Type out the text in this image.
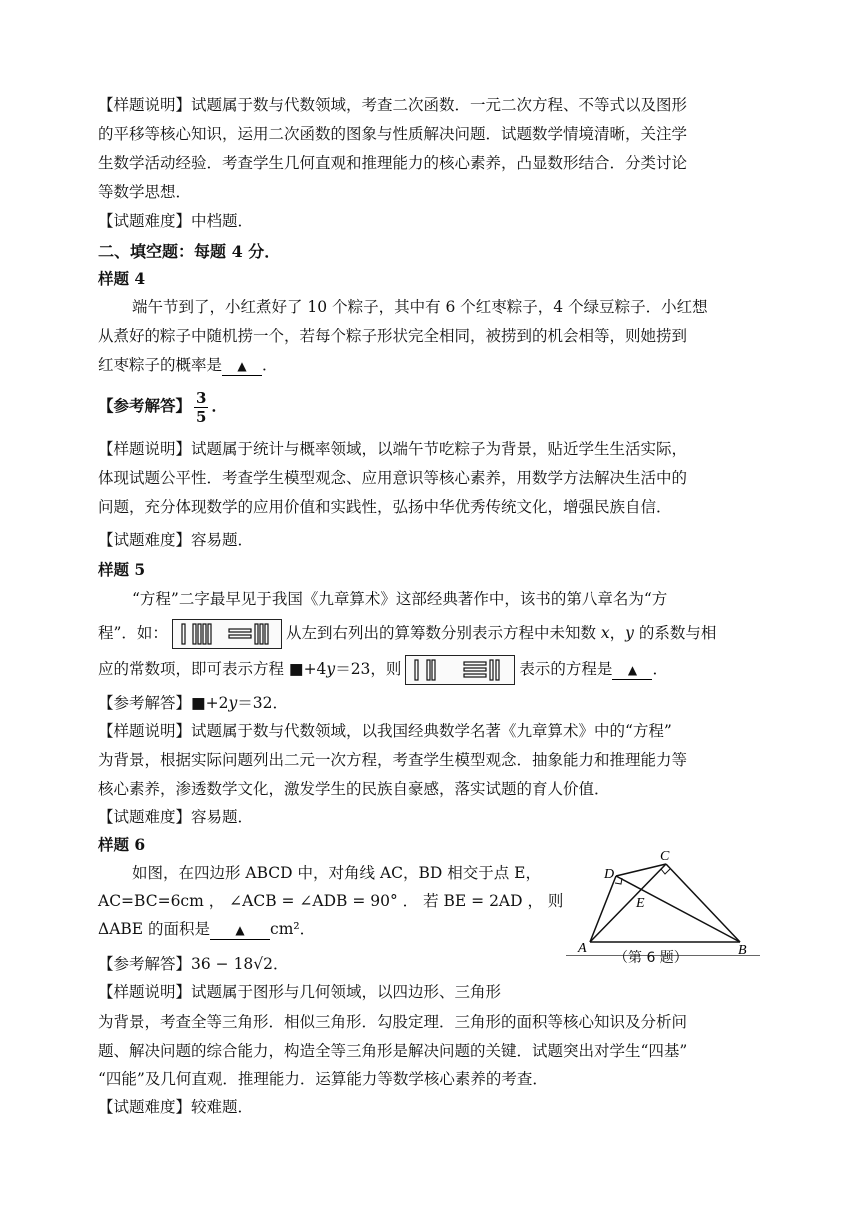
【样题说明】试题属于数与代数领域，考查二次函数．一元二次方程、不等式以及图形
的平移等核心知识，运用二次函数的图象与性质解决问题．试题数学情境清晰，关注学
生数学活动经验．考查学生几何直观和推理能力的核心素养，凸显数形结合．分类讨论
等数学思想．
【试题难度】中档题．
二、填空题：每题 4 分．
样题 4
端午节到了，小红煮好了 10 个粽子，其中有 6 个红枣粽子，4 个绿豆粽子．小红想
从煮好的粽子中随机捞一个，若每个粽子形状完全相同，被捞到的机会相等，则她捞到
红枣粽子的概率是 ▲ ．
【参考解答】 $\frac{3}{5}$ ．
【样题说明】试题属于统计与概率领域，以端午节吃粽子为背景，贴近学生生活实际，
体现试题公平性．考查学生模型观念、应用意识等核心素养，用数学方法解决生活中的
问题，充分体现数学的应用价值和实践性，弘扬中华优秀传统文化，增强民族自信．
【试题难度】容易题．
样题 5
“方程”二字最早见于我国《九章算术》这部经典著作中，该书的第八章名为“方
程”．如：	从左到右列出的算筹数分别表示方程中未知数 x，y 的系数与相
应的常数项，即可表示方程 ■+4y＝23，则	表示的方程是 ▲ ．
【参考解答】■+2y＝32．
【样题说明】试题属于数与代数领域，以我国经典数学名著《九章算术》中的“方程”
为背景，根据实际问题列出二元一次方程，考查学生模型观念．抽象能力和推理能力等
核心素养，渗透数学文化，激发学生的民族自豪感，落实试题的育人价值．
【试题难度】容易题．
样题 6
如图，在四边形 ABCD 中，对角线 AC，BD 相交于点 E，
AC=BC=6cm ， ∠ACB = ∠ADB = 90° ． 若 BE = 2AD ， 则
ΔABE 的面积是 ▲ cm²．
【参考解答】36 − 18√2．
D
C
E
A	B
（第 6 题）
【样题说明】试题属于图形与几何领域，以四边形、三角形
为背景，考查全等三角形．相似三角形．勾股定理．三角形的面积等核心知识及分析问
题、解决问题的综合能力，构造全等三角形是解决问题的关键．试题突出对学生“四基”
“四能”及几何直观．推理能力．运算能力等数学核心素养的考查．
【试题难度】较难题．
